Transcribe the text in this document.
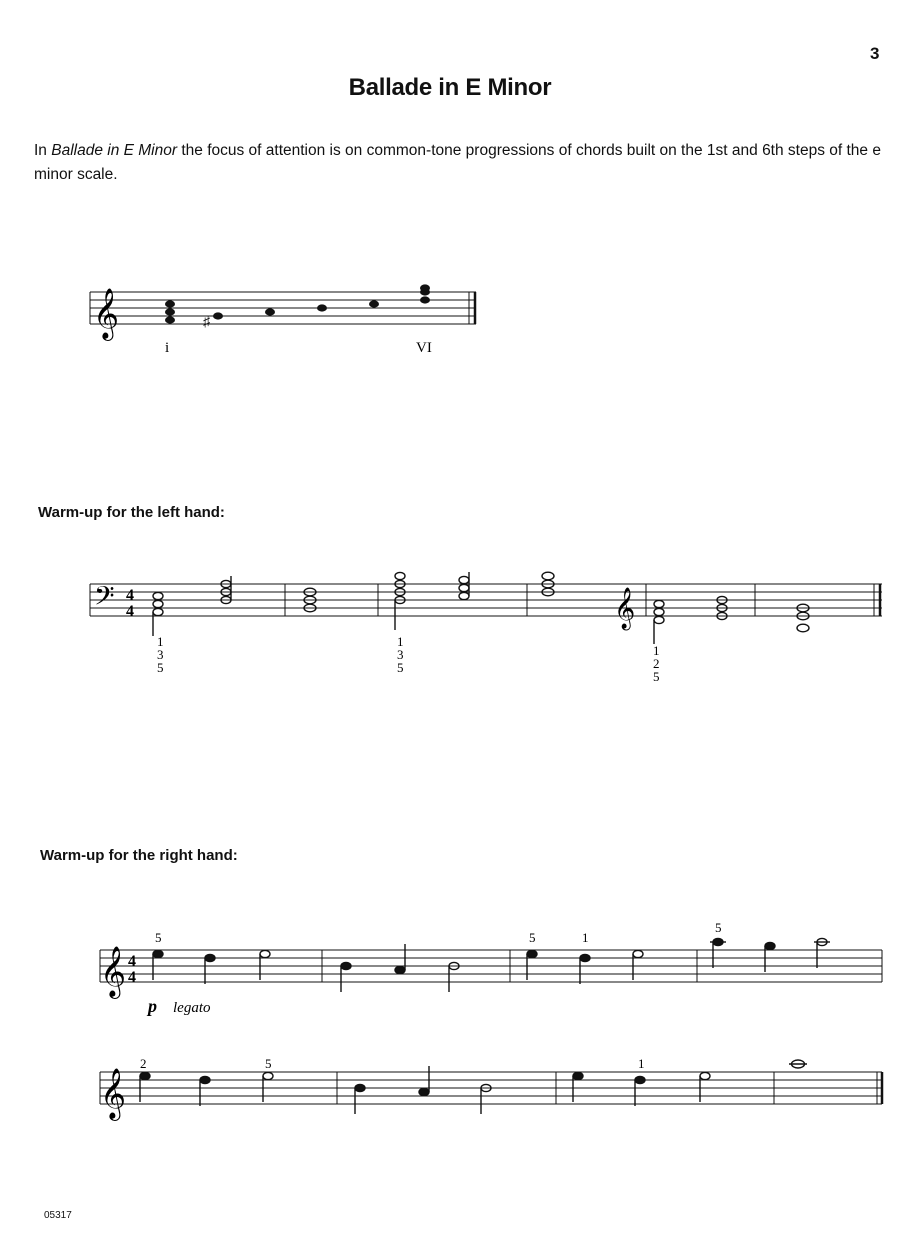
3
Ballade in E Minor
In Ballade in E Minor the focus of attention is on common-tone progressions of chords built on the 1st and 6th steps of the e minor scale.
𝄞	♯
i	VI
Warm-up for the left hand:
𝄢 4
4	𝄞
1
3
5
1
3
5
1
2
5
Warm-up for the right hand:
𝄞 4
4
5	5	1
5
p legato
𝄞
2	5	1
05317
